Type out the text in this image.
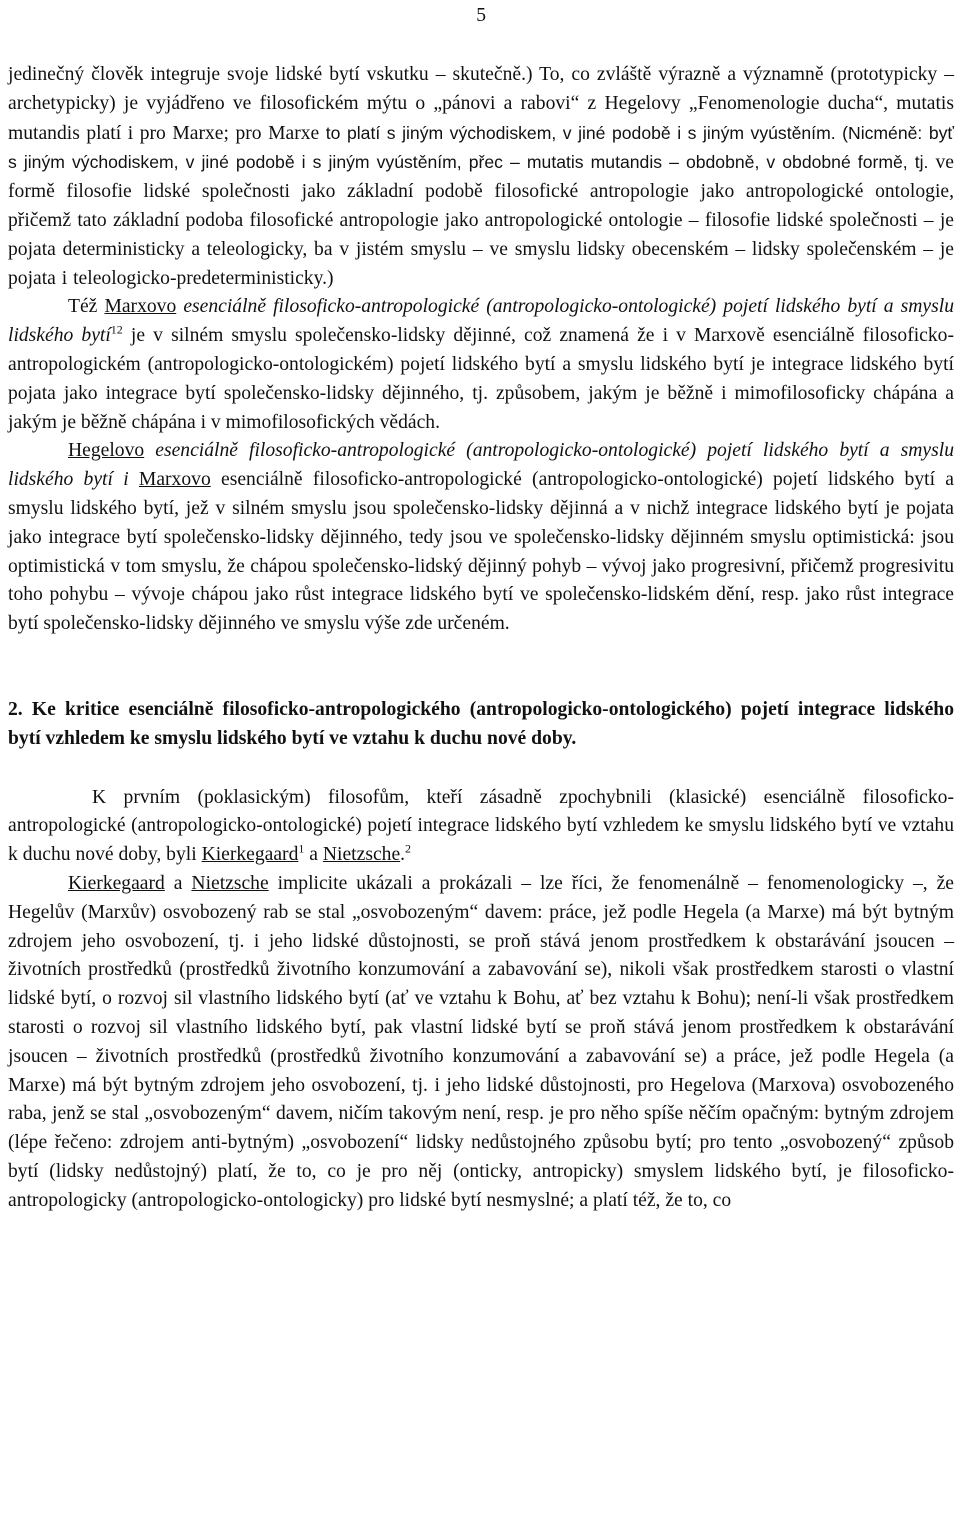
5

jedinečný člověk integruje svoje lidské bytí vskutku – skutečně.) To, co zvláště výrazně a významně (prototypicky – archetypicky) je vyjádřeno ve filosofickém mýtu o „pánovi a rabovi“ z Hegelovy „Fenomenologie ducha“, mutatis mutandis platí i pro Marxe; pro Marxe to platí s jiným východiskem, v jiné podobě i s jiným vyústěním. (Nicméně: byť s jiným východiskem, v jiné podobě i s jiným vyústěním, přec – mutatis mutandis – obdobně, v obdobné formě, tj. ve formě filosofie lidské společnosti jako základní podobě filosofické antropologie jako antropologické ontologie, přičemž tato základní podoba filosofické antropologie jako antropologické ontologie – filosofie lidské společnosti – je pojata deterministicky a teleologicky, ba v jistém smyslu – ve smyslu lidsky obecenském – lidsky společenském – je pojata i teleologicko-predeterministicky.)

Též Marxovo esenciálně filosoficko-antropologické (antropologicko-ontologické) pojetí lidského bytí a smyslu lidského bytí$^{12}$ je v silném smyslu společensko-lidsky dějinné, což znamená že i v Marxově esenciálně filosoficko-antropologickém (antropologicko-ontologickém) pojetí lidského bytí a smyslu lidského bytí je integrace lidského bytí pojata jako integrace bytí společensko-lidsky dějinného, tj. způsobem, jakým je běžně i mimofilosoficky chápána a jakým je běžně chápána i v mimofilosofických vědách.

Hegelovo esenciálně filosoficko-antropologické (antropologicko-ontologické) pojetí lidského bytí a smyslu lidského bytí i Marxovo esenciálně filosoficko-antropologické (antropologicko-ontologické) pojetí lidského bytí a smyslu lidského bytí, jež v silném smyslu jsou společensko-lidsky dějinná a v nichž integrace lidského bytí je pojata jako integrace bytí společensko-lidsky dějinného, tedy jsou ve společensko-lidsky dějinném smyslu optimistická: jsou optimistická v tom smyslu, že chápou společensko-lidský dějinný pohyb – vývoj jako progresivní, přičemž progresivitu toho pohybu – vývoje chápou jako růst integrace lidského bytí ve společensko-lidském dění, resp. jako růst integrace bytí společensko-lidsky dějinného ve smyslu výše zde určeném.

2. Ke kritice esenciálně filosoficko-antropologického (antropologicko-ontologického) pojetí integrace lidského bytí vzhledem ke smyslu lidského bytí ve vztahu k duchu nové doby.

K prvním (poklasickým) filosofům, kteří zásadně zpochybnili (klasické) esenciálně filosoficko-antropologické (antropologicko-ontologické) pojetí integrace lidského bytí vzhledem ke smyslu lidského bytí ve vztahu k duchu nové doby, byli Kierkegaard$^1$ a Nietzsche.$^2$

Kierkegaard a Nietzsche implicite ukázali a prokázali – lze říci, že fenomenálně – fenomenologicky –, že Hegelův (Marxův) osvobozený rab se stal „osvobozeným“ davem: práce, jež podle Hegela (a Marxe) má být bytným zdrojem jeho osvobození, tj. i jeho lidské důstojnosti, se proň stává jenom prostředkem k obstarávání jsoucen – životních prostředků (prostředků životního konzumování a zabavování se), nikoli však prostředkem starosti o vlastní lidské bytí, o rozvoj sil vlastního lidského bytí (ať ve vztahu k Bohu, ať bez vztahu k Bohu); není-li však prostředkem starosti o rozvoj sil vlastního lidského bytí, pak vlastní lidské bytí se proň stává jenom prostředkem k obstarávání jsoucen – životních prostředků (prostředků životního konzumování a zabavování se) a práce, jež podle Hegela (a Marxe) má být bytným zdrojem jeho osvobození, tj. i jeho lidské důstojnosti, pro Hegelova (Marxova) osvobozeného raba, jenž se stal „osvobozeným“ davem, ničím takovým není, resp. je pro něho spíše něčím opačným: bytným zdrojem (lépe řečeno: zdrojem anti-bytným) „osvobození“ lidsky nedůstojného způsobu bytí; pro tento „osvobozený“ způsob bytí (lidsky nedůstojný) platí, že to, co je pro něj (onticky, antropicky) smyslem lidského bytí, je filosoficko-antropologicky (antropologicko-ontologicky) pro lidské bytí nesmyslné; a platí též, že to, co
